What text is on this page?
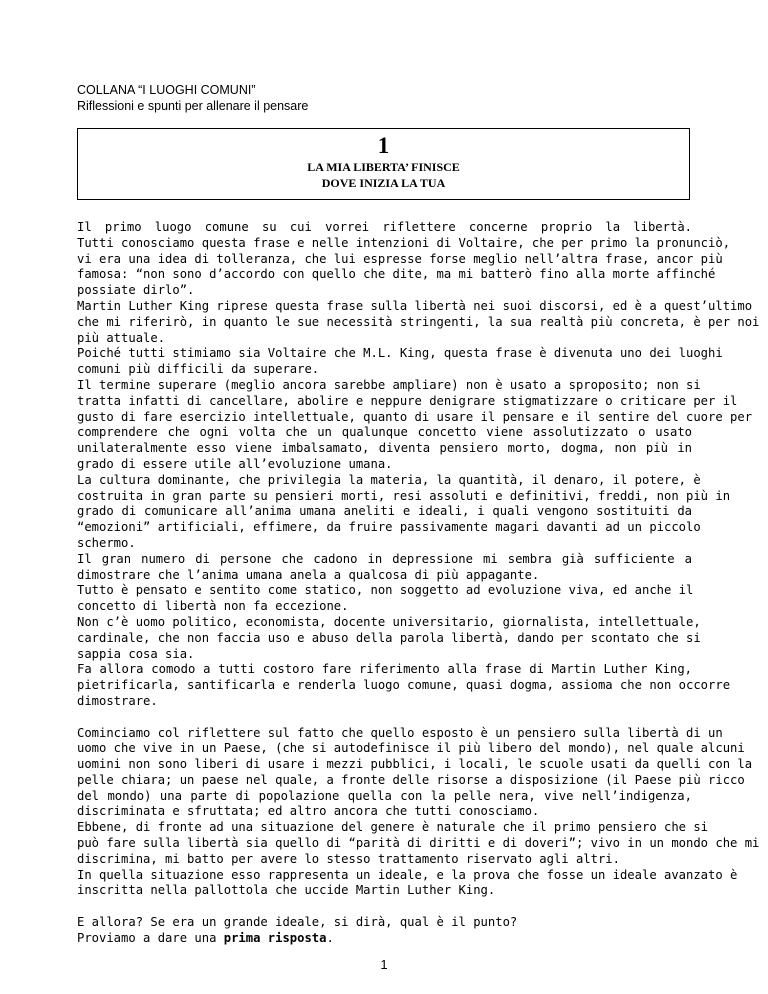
COLLANA “I LUOGHI COMUNI”
Riflessioni e spunti per allenare il pensare
1
LA MIA LIBERTA’ FINISCE
DOVE INIZIA LA TUA
Il primo luogo comune su cui vorrei riflettere concerne proprio la libertà.
Tutti conosciamo questa frase e nelle intenzioni di Voltaire, che per primo la pronunciò,
vi era una idea di tolleranza, che lui espresse forse meglio nell’altra frase, ancor più
famosa: “non sono d’accordo con quello che dite, ma mi batterò fino alla morte affinché
possiate dirlo”.
Martin Luther King riprese questa frase sulla libertà nei suoi discorsi, ed è a quest’ultimo
che mi riferirò, in quanto le sue necessità stringenti, la sua realtà più concreta, è per noi
più attuale.
Poiché tutti stimiamo sia Voltaire che M.L. King, questa frase è divenuta uno dei luoghi
comuni più difficili da superare.
Il termine superare (meglio ancora sarebbe ampliare) non è usato a sproposito; non si
tratta infatti di cancellare, abolire e neppure denigrare stigmatizzare o criticare per il
gusto di fare esercizio intellettuale, quanto di usare il pensare e il sentire del cuore per
comprendere che ogni volta che un qualunque concetto viene assolutizzato o usato
unilateralmente esso viene imbalsamato, diventa pensiero morto, dogma, non più in
grado di essere utile all’evoluzione umana.
La cultura dominante, che privilegia la materia, la quantità, il denaro, il potere, è
costruita in gran parte su pensieri morti, resi assoluti e definitivi, freddi, non più in
grado di comunicare all’anima umana aneliti e ideali, i quali vengono sostituiti da
“emozioni” artificiali, effimere, da fruire passivamente magari davanti ad un piccolo
schermo.
Il gran numero di persone che cadono in depressione mi sembra già sufficiente a
dimostrare che l’anima umana anela a qualcosa di più appagante.
Tutto è pensato e sentito come statico, non soggetto ad evoluzione viva, ed anche il
concetto di libertà non fa eccezione.
Non c’è uomo politico, economista, docente universitario, giornalista, intellettuale,
cardinale, che non faccia uso e abuso della parola libertà, dando per scontato che si
sappia cosa sia.
Fa allora comodo a tutti costoro fare riferimento alla frase di Martin Luther King,
pietrificarla, santificarla e renderla luogo comune, quasi dogma, assioma che non occorre
dimostrare.
Cominciamo col riflettere sul fatto che quello esposto è un pensiero sulla libertà di un
uomo che vive in un Paese, (che si autodefinisce il più libero del mondo), nel quale alcuni
uomini non sono liberi di usare i mezzi pubblici, i locali, le scuole usati da quelli con la
pelle chiara; un paese nel quale, a fronte delle risorse a disposizione (il Paese più ricco
del mondo) una parte di popolazione quella con la pelle nera, vive nell’indigenza,
discriminata e sfruttata; ed altro ancora che tutti conosciamo.
Ebbene, di fronte ad una situazione del genere è naturale che il primo pensiero che si
può fare sulla libertà sia quello di “parità di diritti e di doveri”; vivo in un mondo che mi
discrimina, mi batto per avere lo stesso trattamento riservato agli altri.
In quella situazione esso rappresenta un ideale, e la prova che fosse un ideale avanzato è
inscritta nella pallottola che uccide Martin Luther King.
E allora? Se era un grande ideale, si dirà, qual è il punto?
Proviamo a dare una prima risposta.
1
